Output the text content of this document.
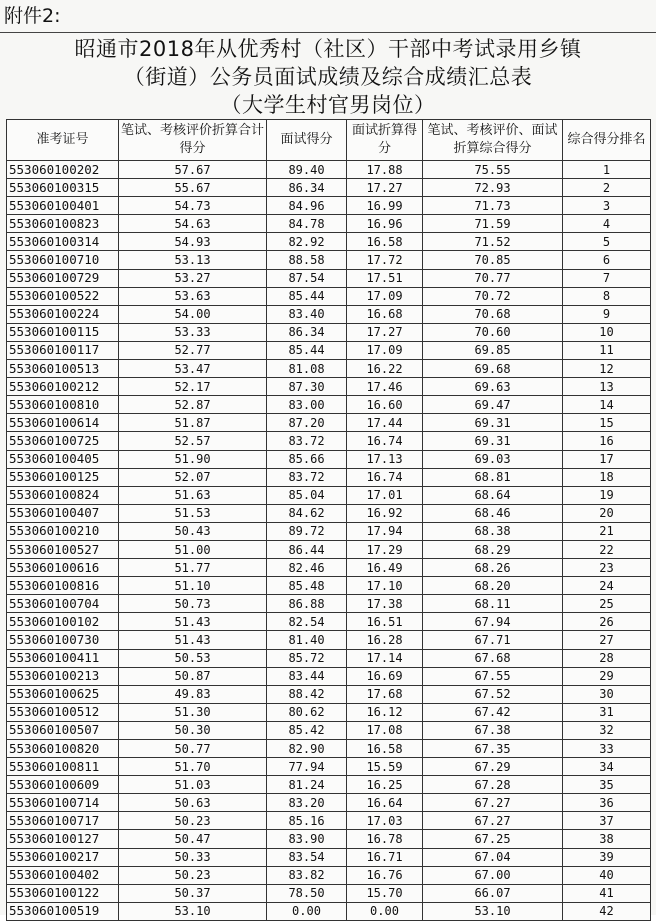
附件2:
昭通市2018年从优秀村（社区）干部中考试录用乡镇
（街道）公务员面试成绩及综合成绩汇总表
（大学生村官男岗位）
准考证号	笔试、考核评价折算合计得分	面试得分	面试折算得分	笔试、考核评价、面试折算综合得分	综合得分排名
553060100202	57.67	89.40	17.88	75.55	1
553060100315	55.67	86.34	17.27	72.93	2
553060100401	54.73	84.96	16.99	71.73	3
553060100823	54.63	84.78	16.96	71.59	4
553060100314	54.93	82.92	16.58	71.52	5
553060100710	53.13	88.58	17.72	70.85	6
553060100729	53.27	87.54	17.51	70.77	7
553060100522	53.63	85.44	17.09	70.72	8
553060100224	54.00	83.40	16.68	70.68	9
553060100115	53.33	86.34	17.27	70.60	10
553060100117	52.77	85.44	17.09	69.85	11
553060100513	53.47	81.08	16.22	69.68	12
553060100212	52.17	87.30	17.46	69.63	13
553060100810	52.87	83.00	16.60	69.47	14
553060100614	51.87	87.20	17.44	69.31	15
553060100725	52.57	83.72	16.74	69.31	16
553060100405	51.90	85.66	17.13	69.03	17
553060100125	52.07	83.72	16.74	68.81	18
553060100824	51.63	85.04	17.01	68.64	19
553060100407	51.53	84.62	16.92	68.46	20
553060100210	50.43	89.72	17.94	68.38	21
553060100527	51.00	86.44	17.29	68.29	22
553060100616	51.77	82.46	16.49	68.26	23
553060100816	51.10	85.48	17.10	68.20	24
553060100704	50.73	86.88	17.38	68.11	25
553060100102	51.43	82.54	16.51	67.94	26
553060100730	51.43	81.40	16.28	67.71	27
553060100411	50.53	85.72	17.14	67.68	28
553060100213	50.87	83.44	16.69	67.55	29
553060100625	49.83	88.42	17.68	67.52	30
553060100512	51.30	80.62	16.12	67.42	31
553060100507	50.30	85.42	17.08	67.38	32
553060100820	50.77	82.90	16.58	67.35	33
553060100811	51.70	77.94	15.59	67.29	34
553060100609	51.03	81.24	16.25	67.28	35
553060100714	50.63	83.20	16.64	67.27	36
553060100717	50.23	85.16	17.03	67.27	37
553060100127	50.47	83.90	16.78	67.25	38
553060100217	50.33	83.54	16.71	67.04	39
553060100402	50.23	83.82	16.76	67.00	40
553060100122	50.37	78.50	15.70	66.07	41
553060100519	53.10	0.00	0.00	53.10	42
